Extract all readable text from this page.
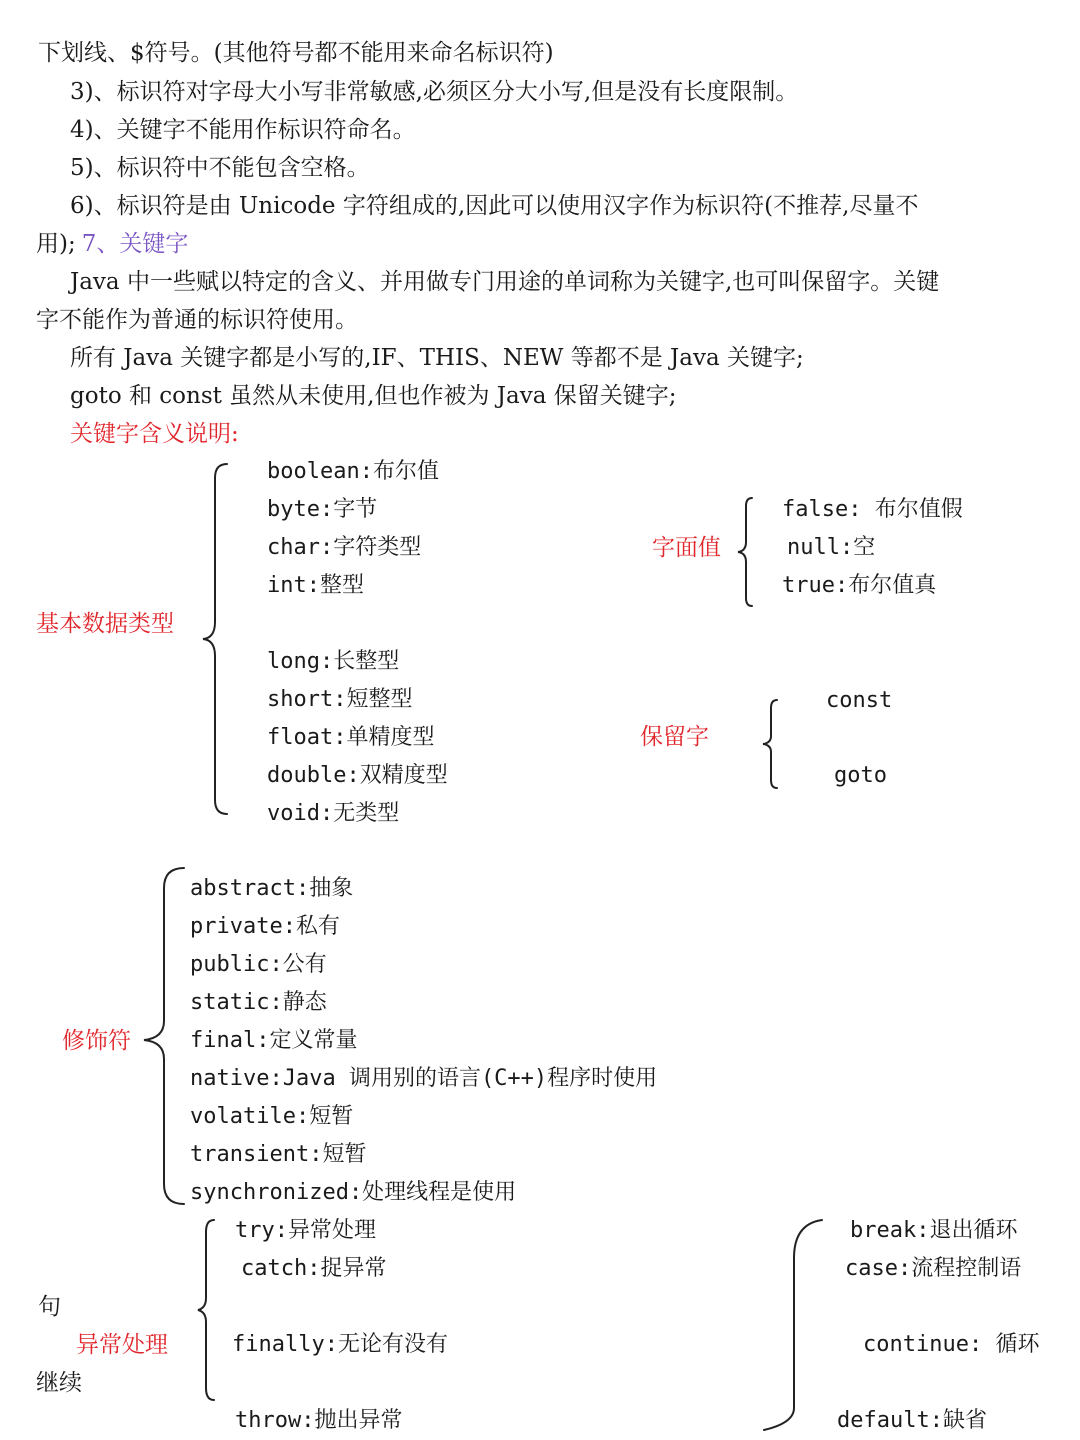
下划线、$符号。(其他符号都不能用来命名标识符)
3)、标识符对字母大小写非常敏感,必须区分大小写,但是没有长度限制。
4)、关键字不能用作标识符命名。
5)、标识符中不能包含空格。
6)、标识符是由 Unicode 字符组成的,因此可以使用汉字作为标识符(不推荐,尽量不
用); 7、关键字
Java 中一些赋以特定的含义、并用做专门用途的单词称为关键字,也可叫保留字。关键
字不能作为普通的标识符使用。
所有 Java 关键字都是小写的,IF、THIS、NEW 等都不是 Java 关键字;
goto 和 const 虽然从未使用,但也作被为 Java 保留关键字;
关键字含义说明:
基本数据类型
boolean:布尔值
byte:字节
char:字符类型
int:整型
long:长整型
short:短整型
float:单精度型
double:双精度型
void:无类型
字面值
false: 布尔值假
null:空
true:布尔值真
保留字
const
goto
修饰符
abstract:抽象
private:私有
public:公有
static:静态
final:定义常量
native:Java 调用别的语言(C++)程序时使用
volatile:短暂
transient:短暂
synchronized:处理线程是使用
句
异常处理
继续
try:异常处理
catch:捉异常
finally:无论有没有
throw:抛出异常
break:退出循环
case:流程控制语
continue: 循环
default:缺省
